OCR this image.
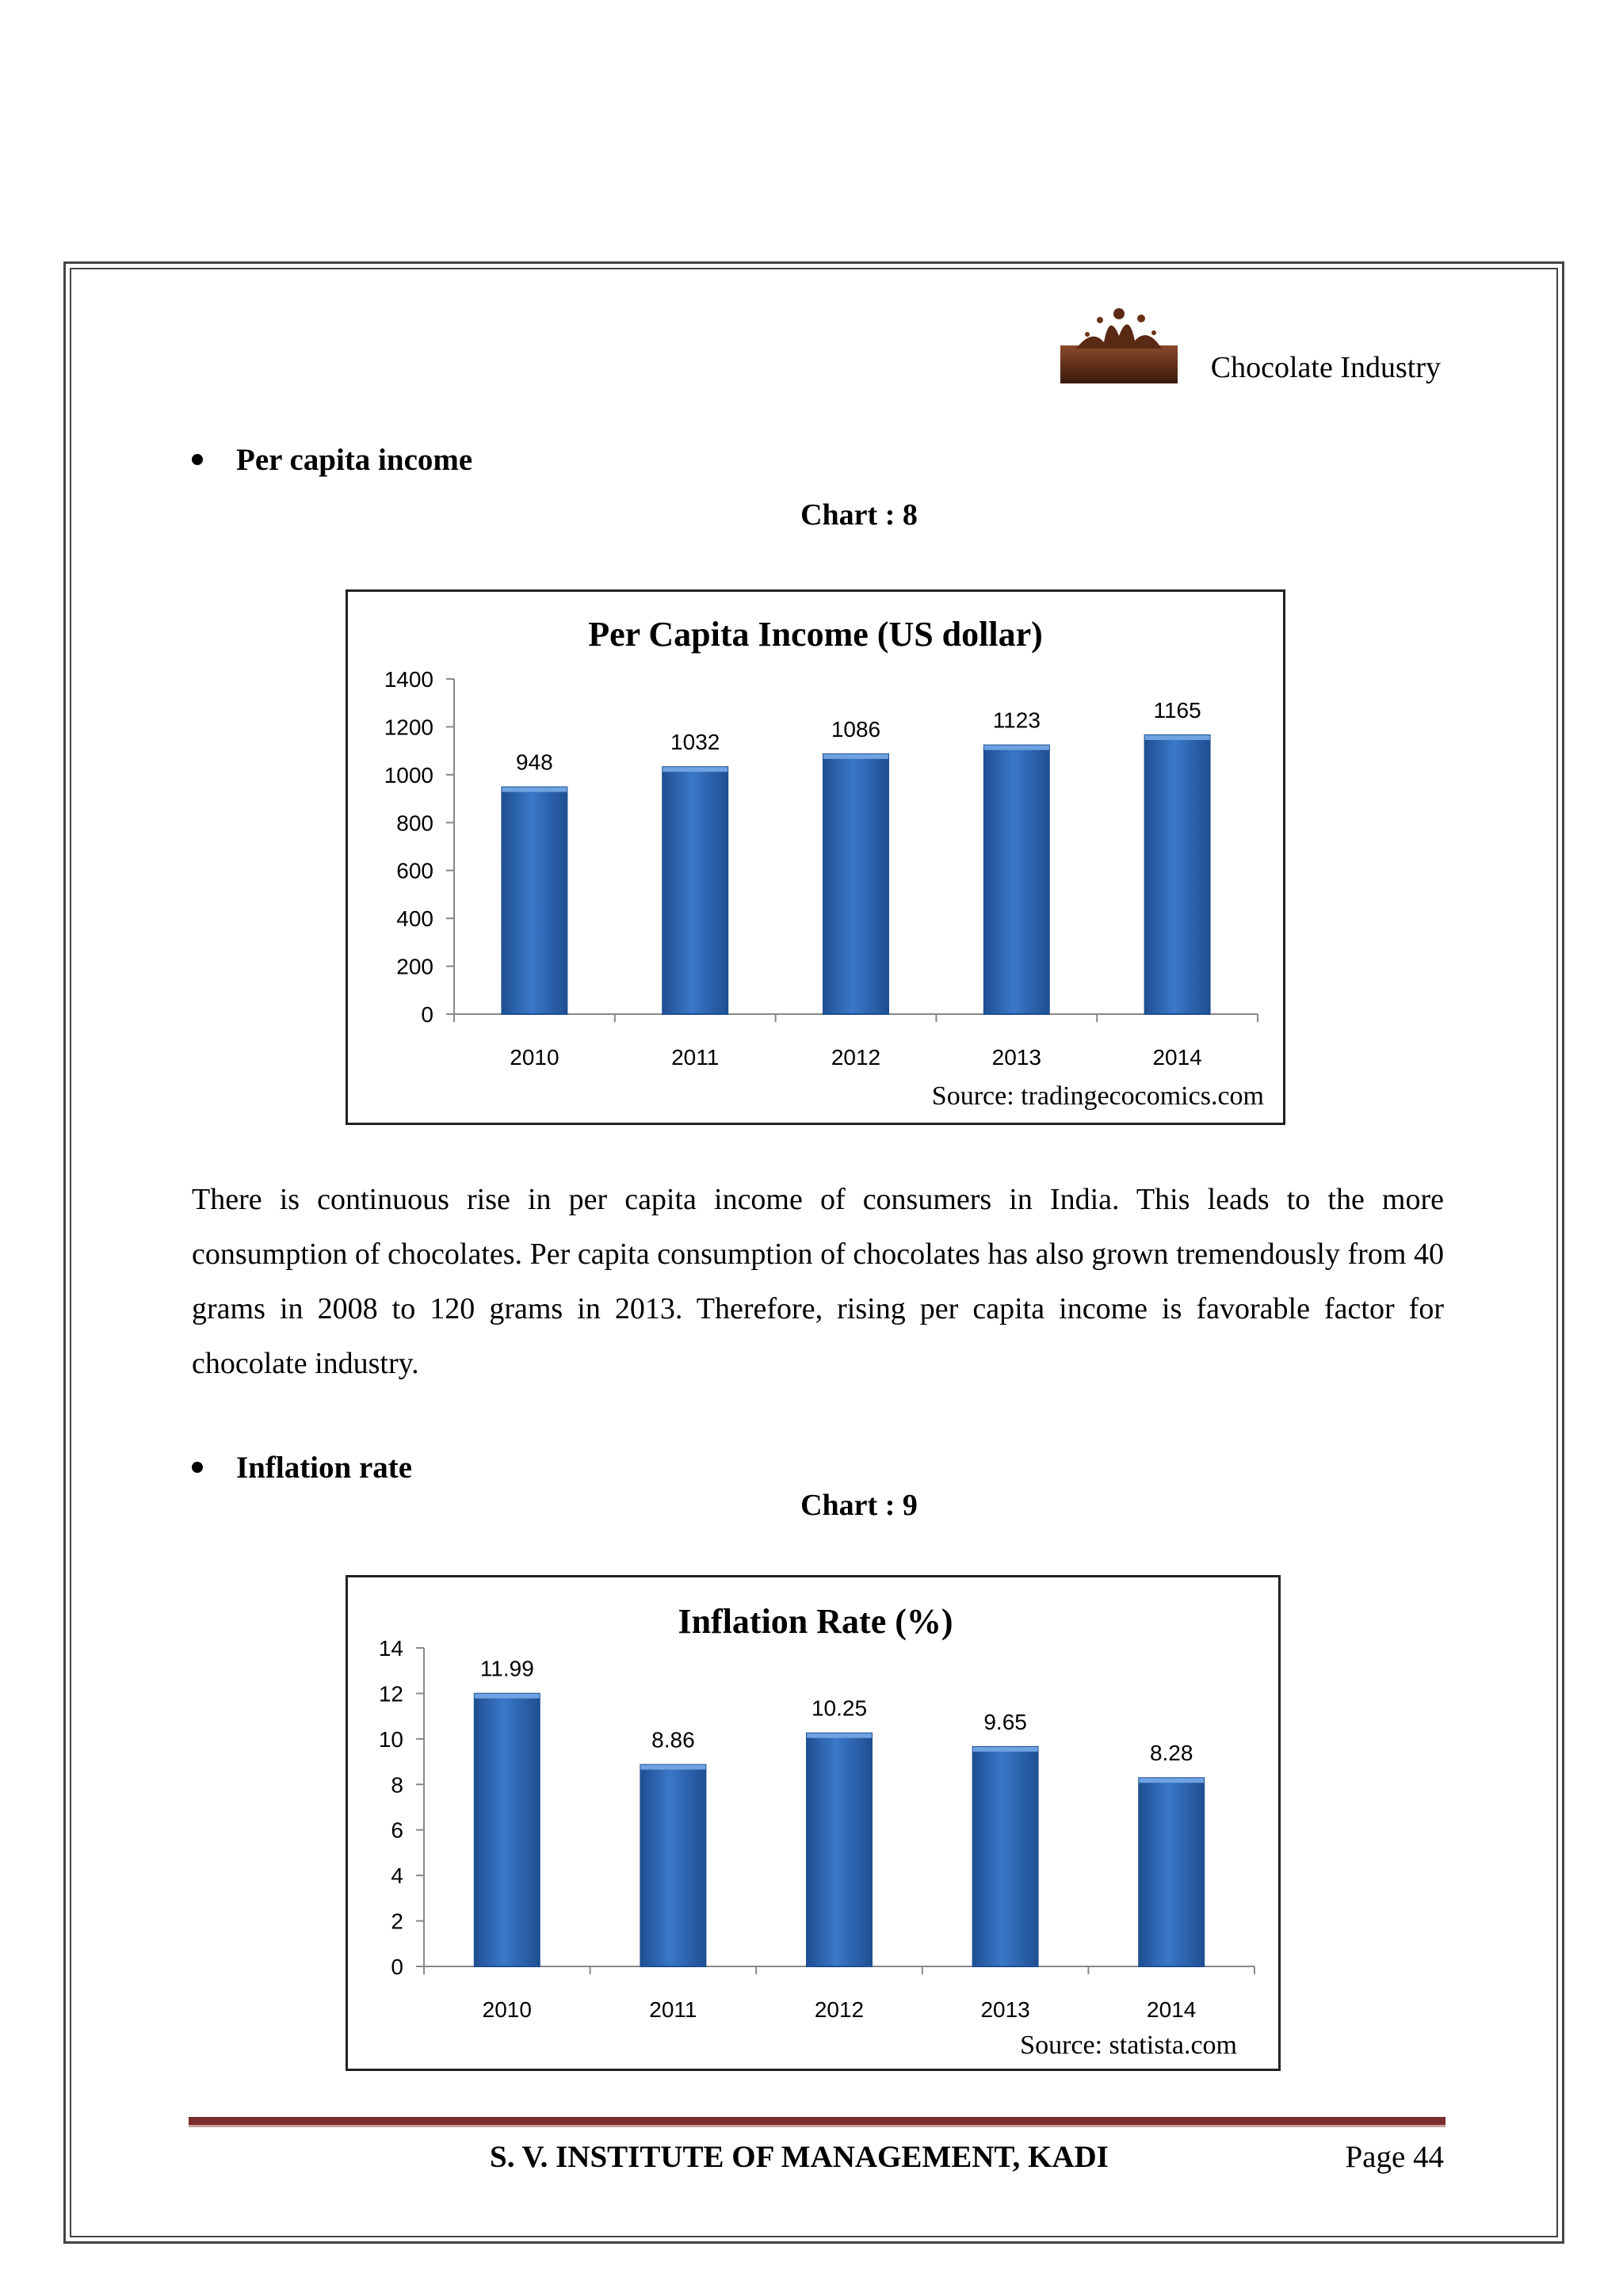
Chocolate Industry
Per capita income
Chart : 8
Per Capita Income (US dollar)
0
200
400
600
800
1000
1200
1400
948
2010
1032
2011
1086
2012
1123
2013
1165
2014
Source: tradingecocomics.com
There is continuous rise in per capita income of consumers in India. This leads to the more consumption of chocolates. Per capita consumption of chocolates has also grown tremendously from 40 grams in 2008 to 120 grams in 2013. Therefore, rising per capita income is favorable factor for chocolate industry.
Inflation rate
Chart : 9
Inflation Rate (%)
0
2
4
6
8
10
12
14
11.99
2010
8.86
2011
10.25
2012
9.65
2013
8.28
2014
Source: statista.com
S. V. INSTITUTE OF MANAGEMENT, KADI	Page 44
